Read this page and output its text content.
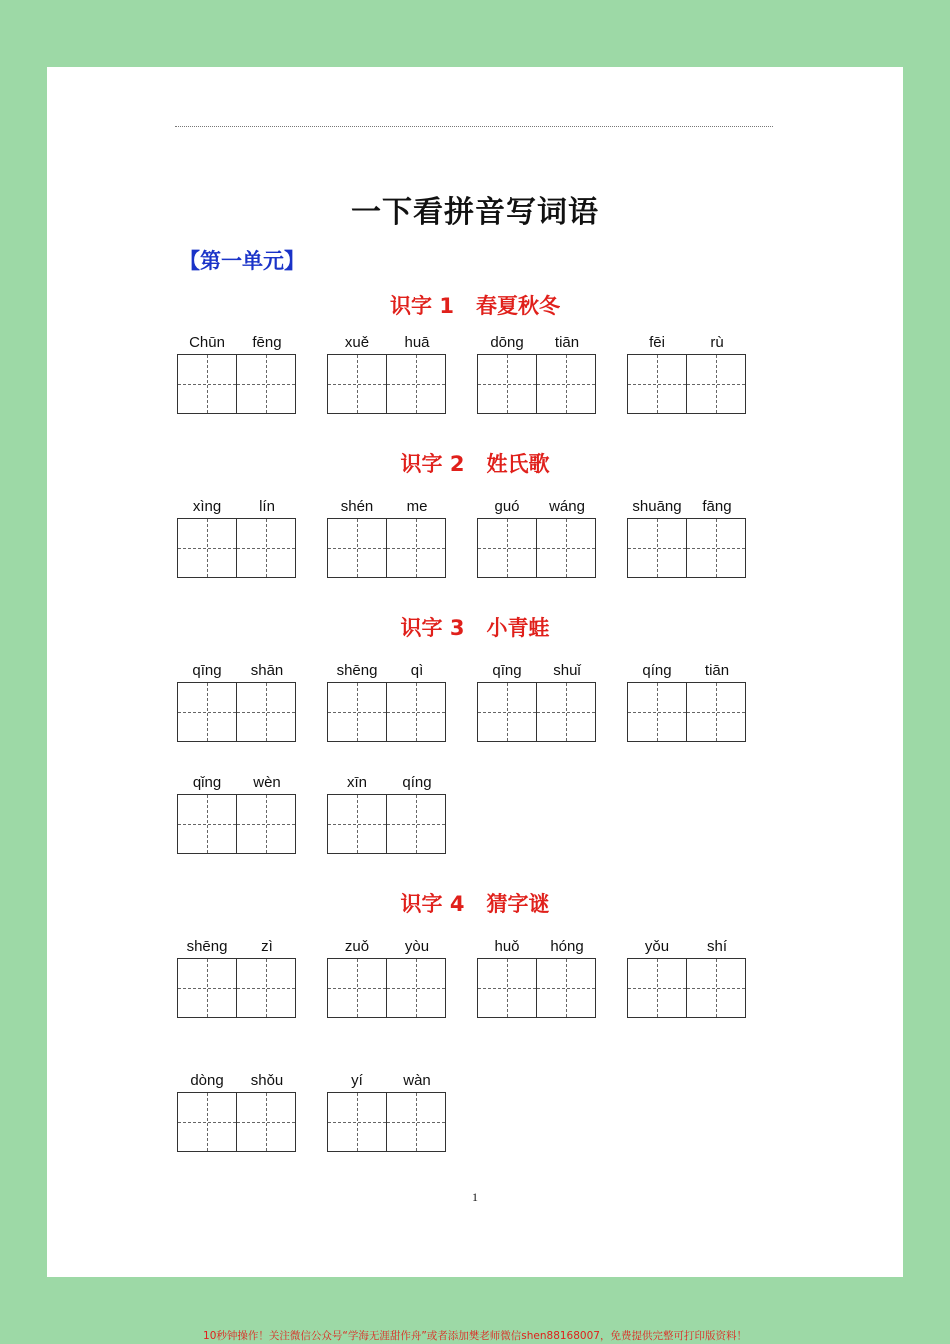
一下看拼音写词语
【第一单元】
识字 1 春夏秋冬
识字 2 姓氏歌
识字 3 小青蛙
识字 4 猜字谜
Chūn	fēng	xuě	huā	dōng	tiān	fēi	rù
xìng	lín	shén	me	guó	wáng	shuāng	fāng
qīng	shān	shēng	qì	qīng	shuǐ	qíng	tiān
qǐng	wèn	xīn	qíng
shēng	zì	zuǒ	yòu	huǒ	hóng	yǒu	shí
dòng	shǒu	yí	wàn
1
10秒钟操作！关注微信公众号“学海无涯甜作舟”或者添加樊老师微信shen88168007，免费提供完整可打印版资料！
